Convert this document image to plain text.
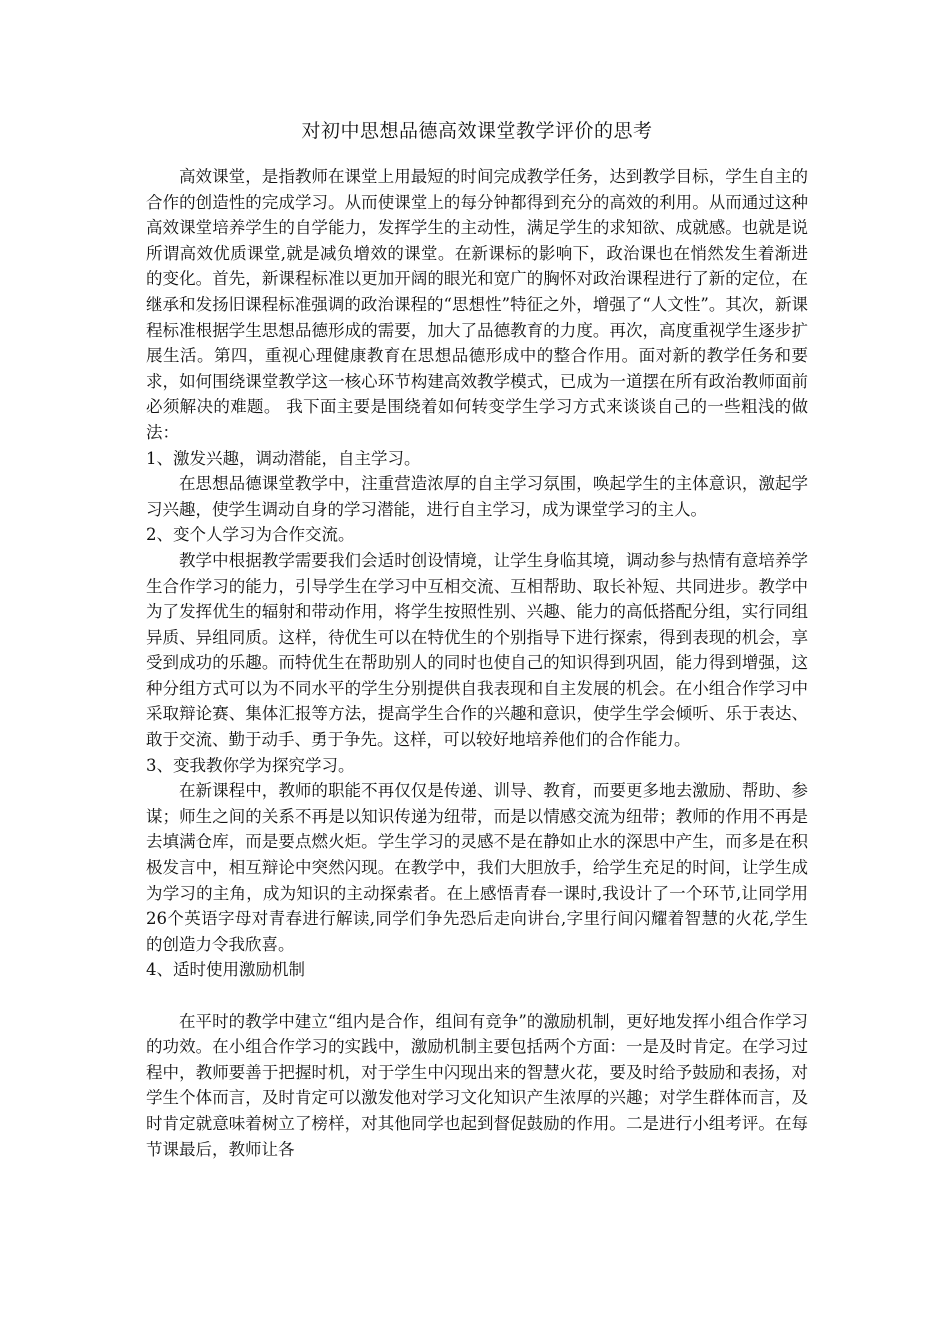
对初中思想品德高效课堂教学评价的思考

高效课堂，是指教师在课堂上用最短的时间完成教学任务，达到教学目标，学生自主的合作的创造性的完成学习。从而使课堂上的每分钟都得到充分的高效的利用。从而通过这种高效课堂培养学生的自学能力，发挥学生的主动性，满足学生的求知欲、成就感。也就是说所谓高效优质课堂,就是减负增效的课堂。在新课标的影响下，政治课也在悄然发生着渐进的变化。首先，新课程标准以更加开阔的眼光和宽广的胸怀对政治课程进行了新的定位，在继承和发扬旧课程标准强调的政治课程的“思想性”特征之外，增强了“人文性”。其次，新课程标准根据学生思想品德形成的需要，加大了品德教育的力度。再次，高度重视学生逐步扩展生活。第四，重视心理健康教育在思想品德形成中的整合作用。面对新的教学任务和要求，如何围绕课堂教学这一核心环节构建高效教学模式，已成为一道摆在所有政治教师面前必须解决的难题。 我下面主要是围绕着如何转变学生学习方式来谈谈自己的一些粗浅的做法：

1、激发兴趣，调动潜能，自主学习。

在思想品德课堂教学中，注重营造浓厚的自主学习氛围，唤起学生的主体意识，激起学习兴趣，使学生调动自身的学习潜能，进行自主学习，成为课堂学习的主人。

2、变个人学习为合作交流。

教学中根据教学需要我们会适时创设情境，让学生身临其境，调动参与热情有意培养学生合作学习的能力，引导学生在学习中互相交流、互相帮助、取长补短、共同进步。教学中为了发挥优生的辐射和带动作用，将学生按照性别、兴趣、能力的高低搭配分组，实行同组异质、异组同质。这样，待优生可以在特优生的个别指导下进行探索，得到表现的机会，享受到成功的乐趣。而特优生在帮助别人的同时也使自己的知识得到巩固，能力得到增强，这种分组方式可以为不同水平的学生分别提供自我表现和自主发展的机会。在小组合作学习中采取辩论赛、集体汇报等方法，提高学生合作的兴趣和意识，使学生学会倾听、乐于表达、敢于交流、勤于动手、勇于争先。这样，可以较好地培养他们的合作能力。

3、变我教你学为探究学习。

在新课程中，教师的职能不再仅仅是传递、训导、教育，而要更多地去激励、帮助、参谋；师生之间的关系不再是以知识传递为纽带，而是以情感交流为纽带；教师的作用不再是去填满仓库，而是要点燃火炬。学生学习的灵感不是在静如止水的深思中产生，而多是在积极发言中，相互辩论中突然闪现。在教学中，我们大胆放手，给学生充足的时间，让学生成为学习的主角，成为知识的主动探索者。在上感悟青春一课时,我设计了一个环节,让同学用26个英语字母对青春进行解读,同学们争先恐后走向讲台,字里行间闪耀着智慧的火花,学生的创造力令我欣喜。

4、适时使用激励机制

在平时的教学中建立“组内是合作，组间有竞争”的激励机制，更好地发挥小组合作学习的功效。在小组合作学习的实践中，激励机制主要包括两个方面：一是及时肯定。在学习过程中，教师要善于把握时机，对于学生中闪现出来的智慧火花，要及时给予鼓励和表扬，对学生个体而言，及时肯定可以激发他对学习文化知识产生浓厚的兴趣；对学生群体而言，及时肯定就意味着树立了榜样，对其他同学也起到督促鼓励的作用。二是进行小组考评。在每节课最后，教师让各
